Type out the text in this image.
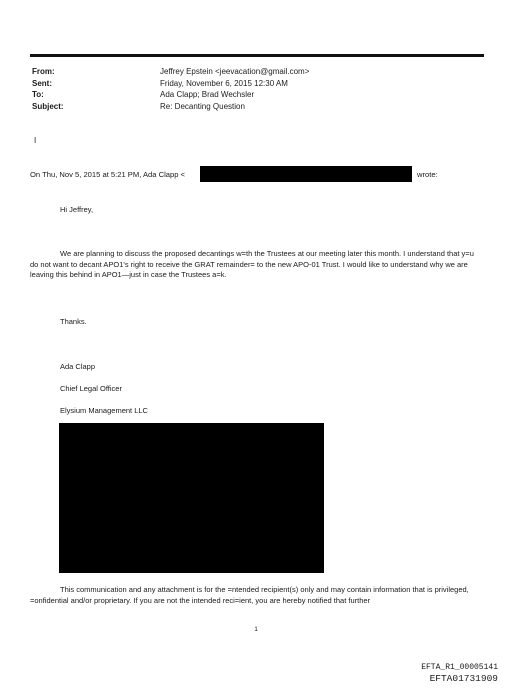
From:	Jeffrey Epstein <jeevacation@gmail.com>
Sent:	Friday, November 6, 2015 12:30 AM
To:	Ada Clapp; Brad Wechsler
Subject:	Re: Decanting Question
I
On Thu, Nov 5, 2015 at 5:21 PM, Ada Clapp <	wrote:
Hi Jeffrey,
We are planning to discuss the proposed decantings w=th the Trustees at our meeting later this month. I understand that y=u do not want to decant APO1's right to receive the GRAT remainder= to the new APO-01 Trust. I would like to understand why we are leaving this behind in APO1—just in case the Trustees a=k.
Thanks.
Ada Clapp
Chief Legal Officer
Elysium Management LLC
This communication and any attachment is for the =ntended recipient(s) only and may contain information that is privileged, =onfidential and/or proprietary. If you are not the intended reci=ient, you are hereby notified that further
1
EFTA_R1_00005141
EFTA01731909
